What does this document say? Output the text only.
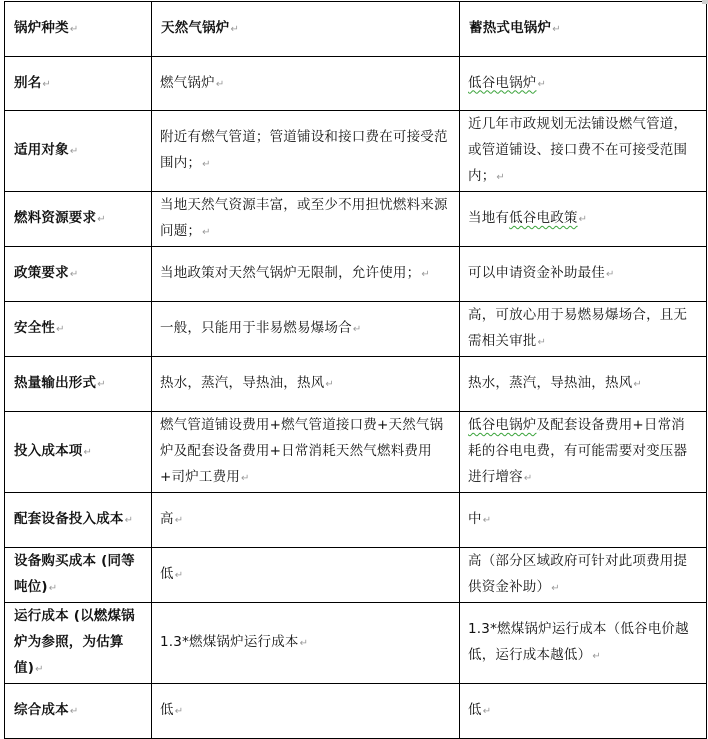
锅炉种类↵	天然气锅炉↵	蓄热式电锅炉↵
别名↵	燃气锅炉↵	低谷电锅炉↵
适用对象↵	附近有燃气管道；管道铺设和接口费在可接受范围内；↵	近几年市政规划无法铺设燃气管道，或管道铺设、接口费不在可接受范围内；↵
燃料资源要求↵	当地天然气资源丰富，或至少不用担忧燃料来源问题；↵	当地有低谷电政策↵
政策要求↵	当地政策对天然气锅炉无限制，允许使用；↵	可以申请资金补助最佳↵
安全性↵	一般，只能用于非易燃易爆场合↵	高，可放心用于易燃易爆场合，且无需相关审批↵
热量输出形式↵	热水，蒸汽，导热油，热风↵	热水，蒸汽，导热油，热风↵
投入成本项↵	燃气管道铺设费用+燃气管道接口费+天然气锅炉及配套设备费用+日常消耗天然气燃料费用+司炉工费用↵	低谷电锅炉及配套设备费用+日常消耗的谷电电费，有可能需要对变压器进行增容↵
配套设备投入成本↵	高↵	中↵
设备购买成本 (同等吨位)↵	低↵	高（部分区域政府可针对此项费用提供资金补助）↵
运行成本 (以燃煤锅炉为参照，为估算值)↵	1.3*燃煤锅炉运行成本↵	1.3*燃煤锅炉运行成本（低谷电价越低，运行成本越低）↵
综合成本↵	低↵	低↵
